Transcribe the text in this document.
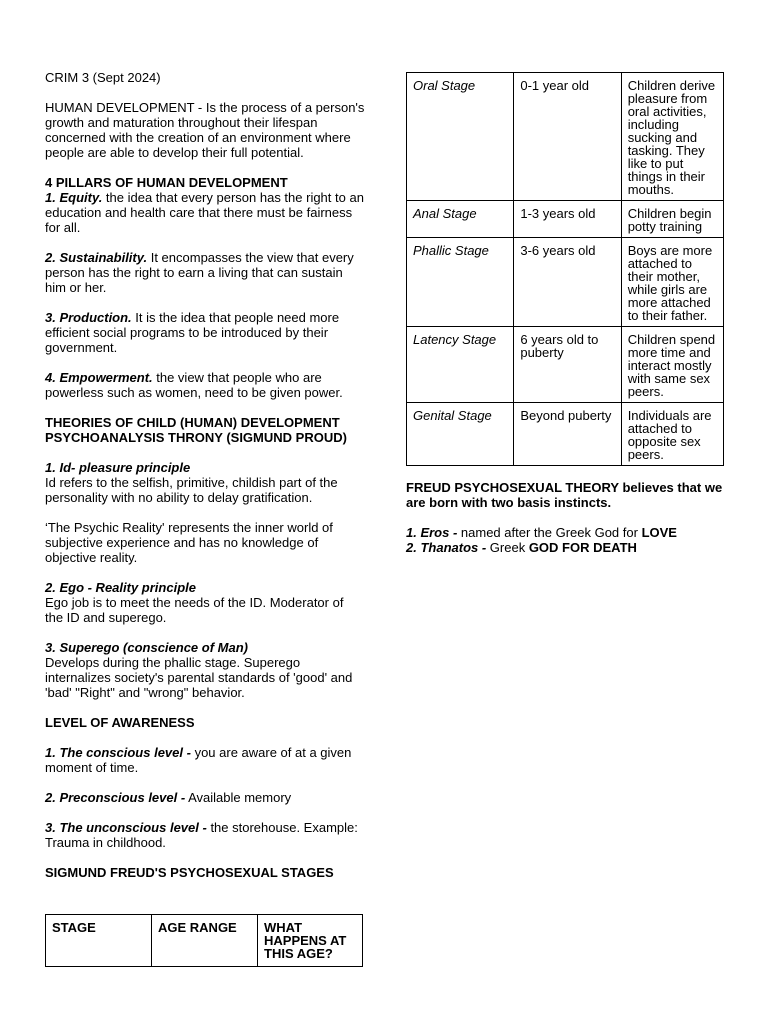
CRIM 3 (Sept 2024)

HUMAN DEVELOPMENT - Is the process of a person's growth and maturation throughout their lifespan concerned with the creation of an environment where people are able to develop their full potential.

4 PILLARS OF HUMAN DEVELOPMENT

1. Equity. the idea that every person has the right to an education and health care that there must be fairness for all.

2. Sustainability. It encompasses the view that every person has the right to earn a living that can sustain him or her.

3. Production. It is the idea that people need more efficient social programs to be introduced by their government.

4. Empowerment. the view that people who are powerless such as women, need to be given power.

THEORIES OF CHILD (HUMAN) DEVELOPMENT PSYCHOANALYSIS THRONY (SIGMUND PROUD)

1. Id- pleasure principle

Id refers to the selfish, primitive, childish part of the personality with no ability to delay gratification.

‘The Psychic Reality' represents the inner world of subjective experience and has no knowledge of objective reality.

2. Ego - Reality principle

Ego job is to meet the needs of the ID. Moderator of the ID and superego.

3. Superego (conscience of Man)

Develops during the phallic stage. Superego internalizes society's parental standards of 'good' and 'bad' "Right" and "wrong" behavior.

LEVEL OF AWARENESS

1. The conscious level - you are aware of at a given moment of time.

2. Preconscious level - Available memory

3. The unconscious level - the storehouse. Example: Trauma in childhood.

SIGMUND FREUD'S PSYCHOSEXUAL STAGES

STAGE	AGE RANGE	WHAT HAPPENS AT THIS AGE?
Oral Stage	0-1 year old	Children derive pleasure from oral activities, including sucking and tasking. They like to put things in their mouths.
Anal Stage	1-3 years old	Children begin potty training
Phallic Stage	3-6 years old	Boys are more attached to their mother, while girls are more attached to their father.
Latency Stage	6 years old to puberty	Children spend more time and interact mostly with same sex peers.
Genital Stage	Beyond puberty	Individuals are attached to opposite sex peers.

FREUD PSYCHOSEXUAL THEORY believes that we are born with two basis instincts.

1. Eros - named after the Greek God for LOVE

2. Thanatos - Greek GOD FOR DEATH
